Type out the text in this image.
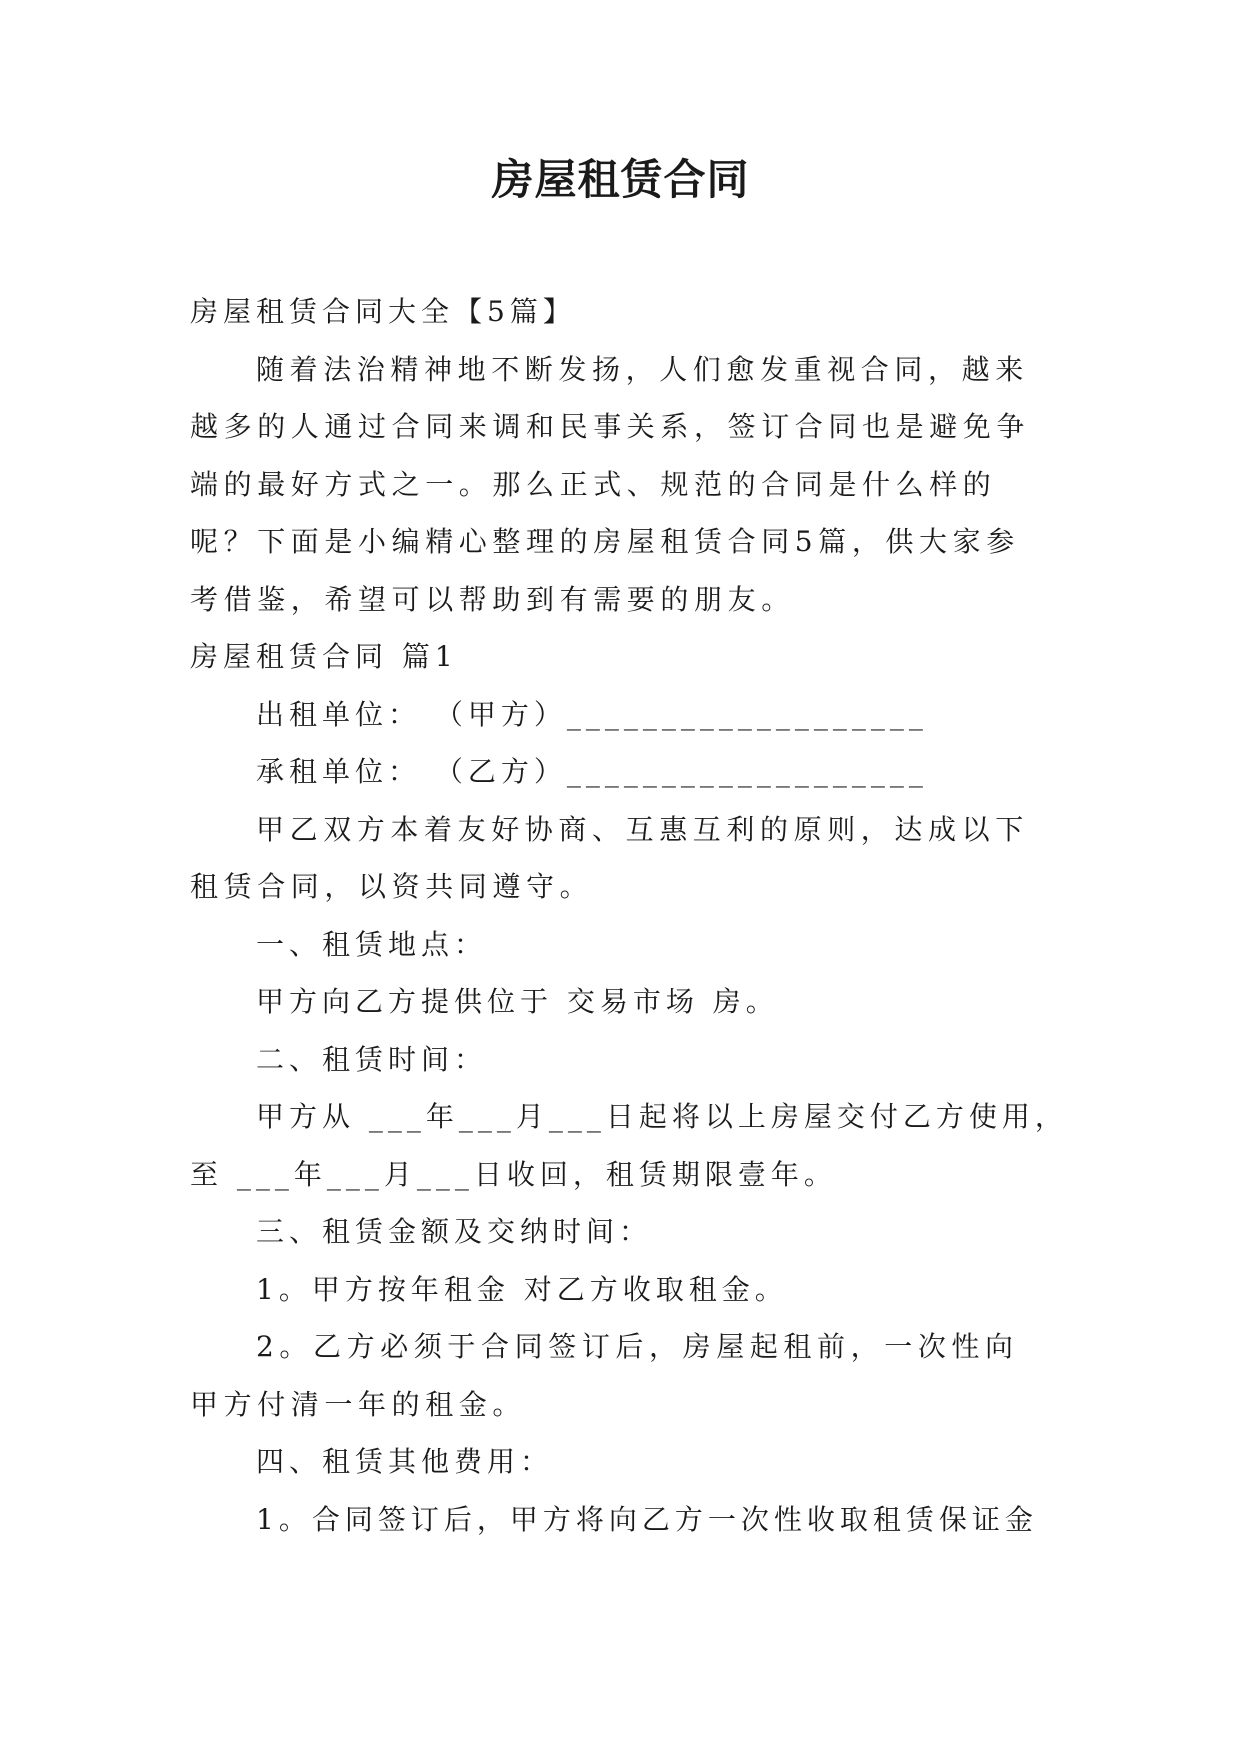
房屋租赁合同

房屋租赁合同大全【5篇】

随着法治精神地不断发扬，人们愈发重视合同，越来越多的人通过合同来调和民事关系，签订合同也是避免争端的最好方式之一。那么正式、规范的合同是什么样的呢？下面是小编精心整理的房屋租赁合同5篇，供大家参考借鉴，希望可以帮助到有需要的朋友。

房屋租赁合同 篇1

出租单位： （甲方）___________________

承租单位： （乙方）___________________

甲乙双方本着友好协商、互惠互利的原则，达成以下租赁合同，以资共同遵守。

一、租赁地点：

甲方向乙方提供位于 交易市场 房。

二、租赁时间：

甲方从 ___年___月___日起将以上房屋交付乙方使用，

至 ___年___月___日收回，租赁期限壹年。

三、租赁金额及交纳时间：

1。甲方按年租金 对乙方收取租金。

2。乙方必须于合同签订后，房屋起租前，一次性向甲方付清一年的租金。

四、租赁其他费用：

1。合同签订后，甲方将向乙方一次性收取租赁保证金
